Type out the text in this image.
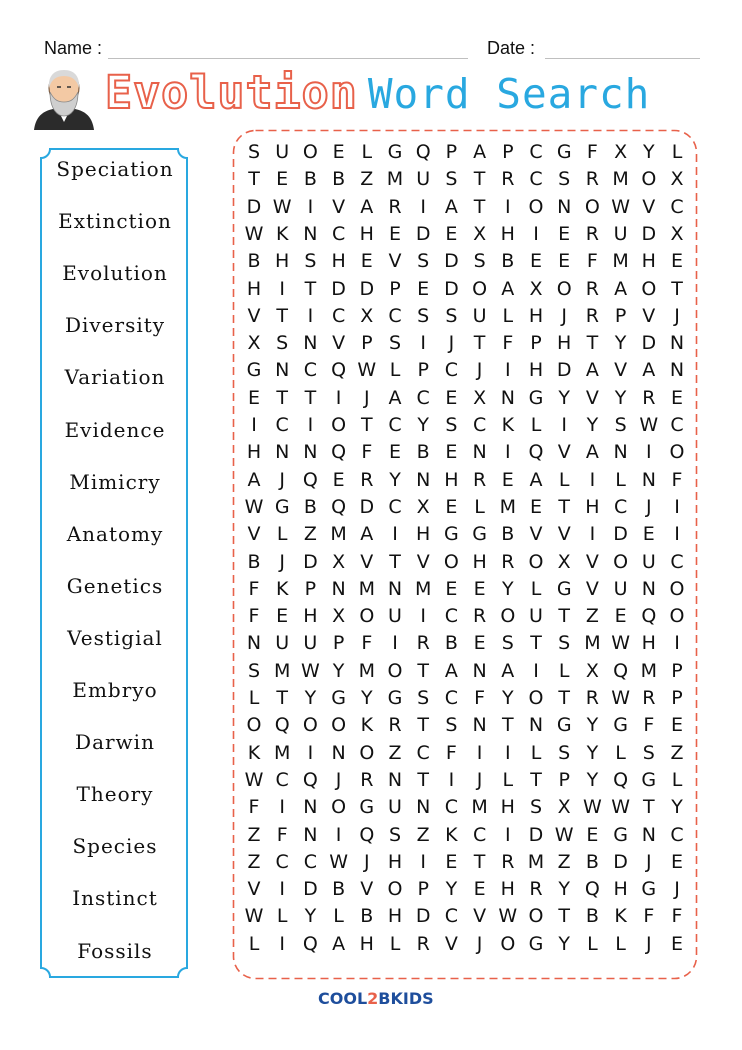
Name :	Date :
Evolution Word Search
Speciation
Extinction
Evolution
Diversity
Variation
Evidence
Mimicry
Anatomy
Genetics
Vestigial
Embryo
Darwin
Theory
Species
Instinct
Fossils
S U O E L G Q P A P C G F X Y L
T E B B Z M U S T R C S R M O X
D W I V A R I A T	I O N O W V C
W K N C H E D E X H I	E R U D X
B H S H E V S D S B E E F M H E
H I	T D D P E D O A X O R A O T
V T	I C X C S S U L H J R P V J
X S N V P S	I	J	T F P H T Y D N
G N C Q W L P C J	I H D A V A N
E T T	I	J A C E X N G Y V Y R E
I C I O T C Y S C K L	I	Y S W C
H N N Q F E B E N I Q V A N I O
A J Q E R Y N H R E A L	I	L N F
W G B Q D C X E L M E T H C J	I
V L Z M A I H G G B V V I D E	I
B J D X V T V O H R O X V O U C
F K P N M N M E E Y L G V U N O
F E H X O U I C R O U T Z E Q O
N U U P F	I R B E S T S M W H I
S M W Y M O T A N A I	L X Q M P
L T Y G Y G S C F Y O T R W R P
O Q O O K R T S N T N G Y G F E
K M I N O Z C F	I	I	L S Y L S Z
W C Q J R N T	I	J	L T P Y Q G L
F	I N O G U N C M H S X W W T Y
Z F N I Q S Z K C I D W E G N C
Z C C W J H I	E T R M Z B D J	E
V I D B V O P Y E H R Y Q H G J
W L Y L B H D C V W O T B K F F
L	I Q A H L R V J O G Y L L	J	E
COOL2BKIDS
